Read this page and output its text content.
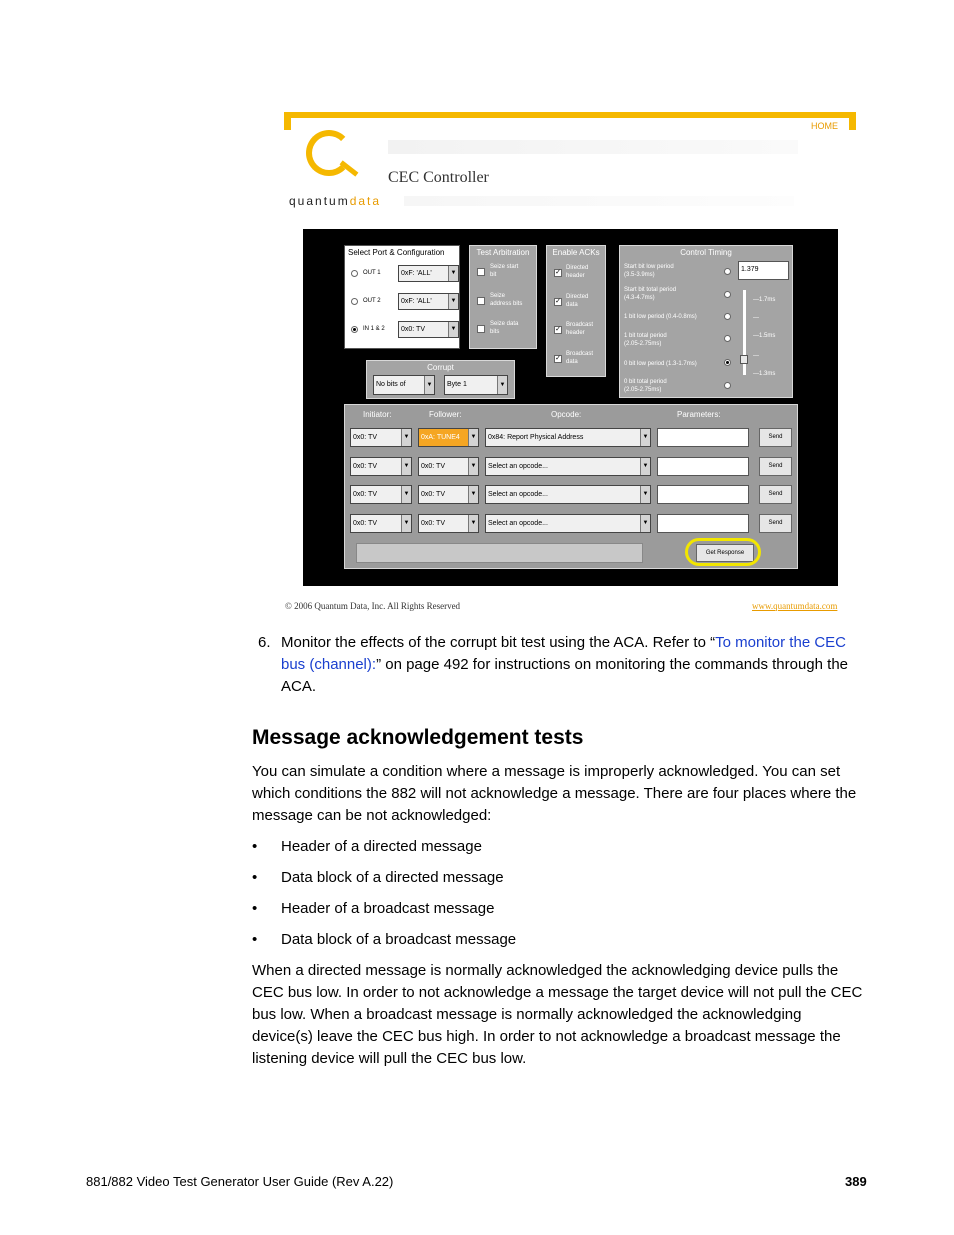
HOME
quantumdata
CEC Controller
Select Port & Configuration
OUT 1	0xF: 'ALL'	▼
OUT 2	0xF: 'ALL'	▼
IN 1 & 2	0x0: TV	▼
Test Arbitration
Seize start
bit
Seize
address bits
Seize data
bits
Enable ACKs
✓
Directed
header
✓
Directed
data
✓
Broadcast
header
✓
Broadcast
data
Control Timing
Start bit low period
(3.5-3.9ms)
Start bit total period
(4.3-4.7ms)
1 bit low period (0.4-0.8ms)
1 bit total period
(2.05-2.75ms)
0 bit low period (1.3-1.7ms)
0 bit total period
(2.05-2.75ms)
1.379
—1.7ms
—
—1.5ms
—
—1.3ms
Corrupt
No bits of	▼	Byte 1	▼
Initiator:	Follower:	Opcode:	Parameters:
0x0: TV	▼	0xA: TUNE4	▼	0x84: Report Physical Address	▼	Send
0x0: TV	▼	0x0: TV	▼	Select an opcode...	▼	Send
0x0: TV	▼	0x0: TV	▼	Select an opcode...	▼	Send
0x0: TV	▼	0x0: TV	▼	Select an opcode...	▼	Send
Get Response
© 2006 Quantum Data, Inc. All Rights Reserved	www.quantumdata.com
6. Monitor the effects of the corrupt bit test using the ACA. Refer to “To monitor the CEC bus (channel):” on page 492 for instructions on monitoring the commands through the ACA.
Message acknowledgement tests
You can simulate a condition where a message is improperly acknowledged. You can set which conditions the 882 will not acknowledge a message. There are four places where the message can be not acknowledged:
• Header of a directed message
• Data block of a directed message
• Header of a broadcast message
• Data block of a broadcast message
When a directed message is normally acknowledged the acknowledging device pulls the CEC bus low. In order to not acknowledge a message the target device will not pull the CEC bus low. When a broadcast message is normally acknowledged the acknowledging device(s) leave the CEC bus high. In order to not acknowledge a broadcast message the listening device will pull the CEC bus low.
881/882 Video Test Generator User Guide (Rev A.22)	389
